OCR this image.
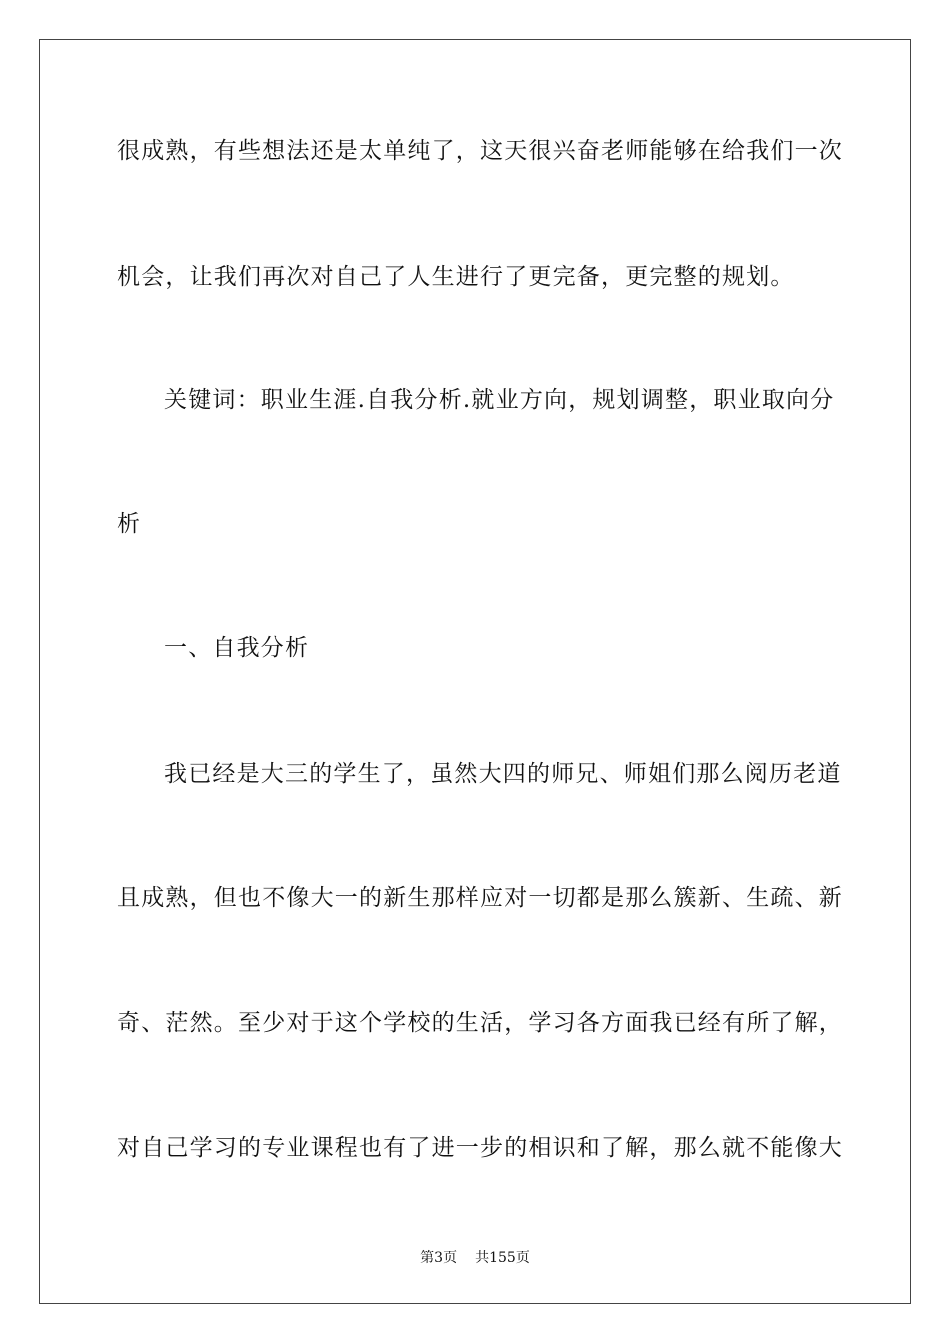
很成熟，有些想法还是太单纯了，这天很兴奋老师能够在给我们一次
机会，让我们再次对自己了人生进行了更完备，更完整的规划。
关键词：职业生涯.自我分析.就业方向，规划调整，职业取向分
析
一、自我分析
我已经是大三的学生了，虽然大四的师兄、师姐们那么阅历老道
且成熟，但也不像大一的新生那样应对一切都是那么簇新、生疏、新
奇、茫然。至少对于这个学校的生活，学习各方面我已经有所了解，
对自己学习的专业课程也有了进一步的相识和了解，那么就不能像大
第3页 共155页
